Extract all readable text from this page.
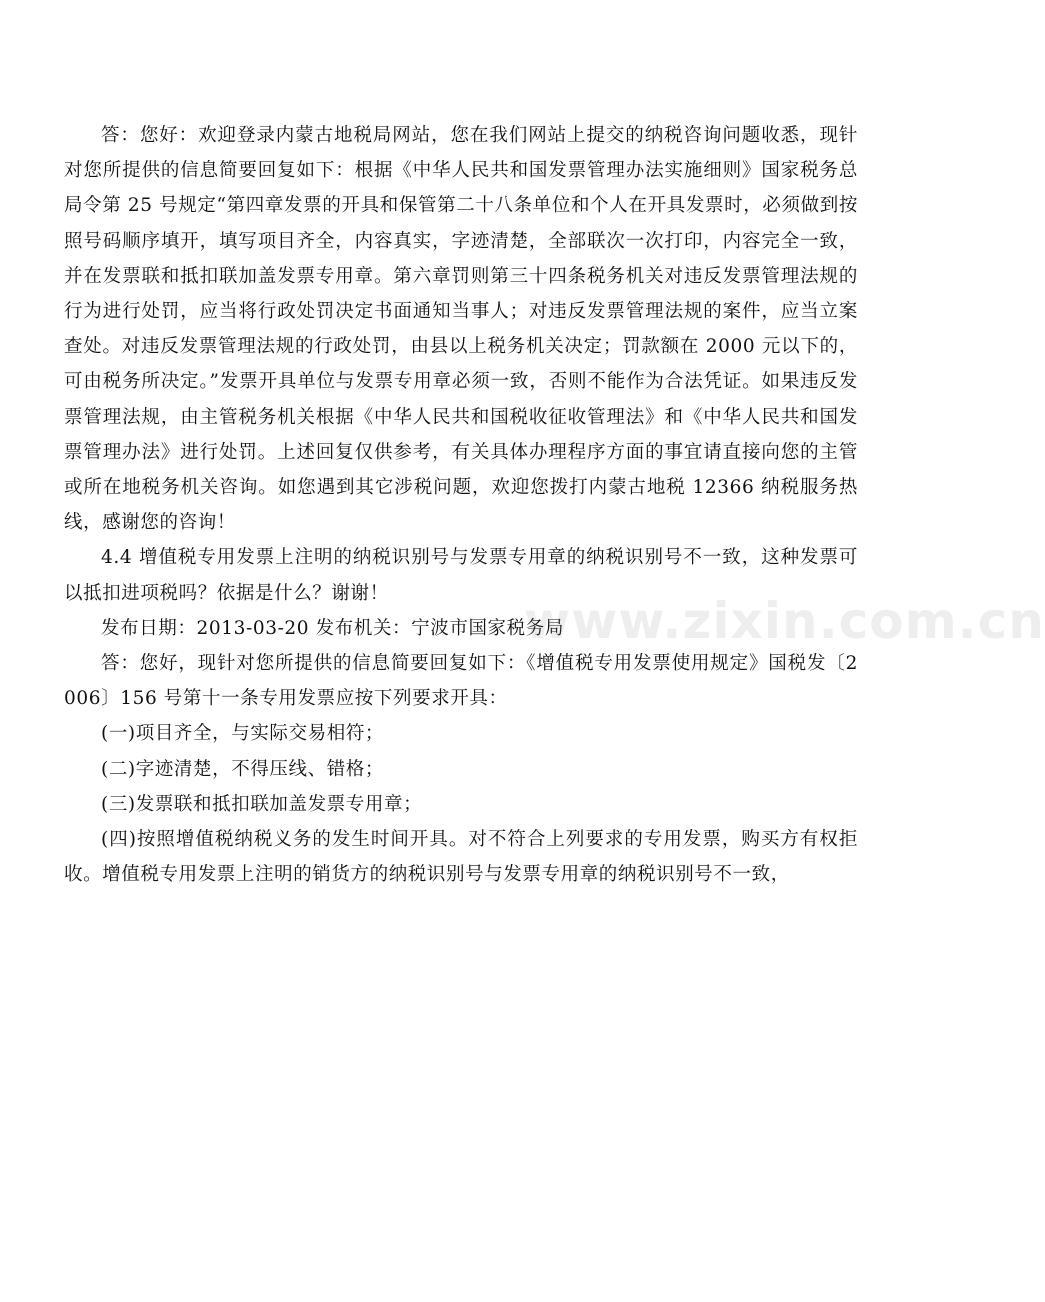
答：您好：欢迎登录内蒙古地税局网站，您在我们网站上提交的纳税咨询问题收悉，现针对您所提供的信息简要回复如下：根据《中华人民共和国发票管理办法实施细则》国家税务总局令第 25 号规定“第四章发票的开具和保管第二十八条单位和个人在开具发票时，必须做到按照号码顺序填开，填写项目齐全，内容真实，字迹清楚，全部联次一次打印，内容完全一致，并在发票联和抵扣联加盖发票专用章。第六章罚则第三十四条税务机关对违反发票管理法规的行为进行处罚，应当将行政处罚决定书面通知当事人；对违反发票管理法规的案件，应当立案查处。对违反发票管理法规的行政处罚，由县以上税务机关决定；罚款额在 2000 元以下的，可由税务所决定。”发票开具单位与发票专用章必须一致，否则不能作为合法凭证。如果违反发票管理法规，由主管税务机关根据《中华人民共和国税收征收管理法》和《中华人民共和国发票管理办法》进行处罚。上述回复仅供参考，有关具体办理程序方面的事宜请直接向您的主管或所在地税务机关咨询。如您遇到其它涉税问题，欢迎您拨打内蒙古地税 12366 纳税服务热线，感谢您的咨询！

4.4 增值税专用发票上注明的纳税识别号与发票专用章的纳税识别号不一致，这种发票可以抵扣进项税吗？依据是什么？谢谢！

发布日期：2013-03-20 发布机关：宁波市国家税务局

答：您好，现针对您所提供的信息简要回复如下：《增值税专用发票使用规定》国税发〔2006〕156 号第十一条专用发票应按下列要求开具：

(一)项目齐全，与实际交易相符；

(二)字迹清楚，不得压线、错格；

(三)发票联和抵扣联加盖发票专用章；

(四)按照增值税纳税义务的发生时间开具。对不符合上列要求的专用发票，购买方有权拒收。增值税专用发票上注明的销货方的纳税识别号与发票专用章的纳税识别号不一致，

www.zixin.com.cn
